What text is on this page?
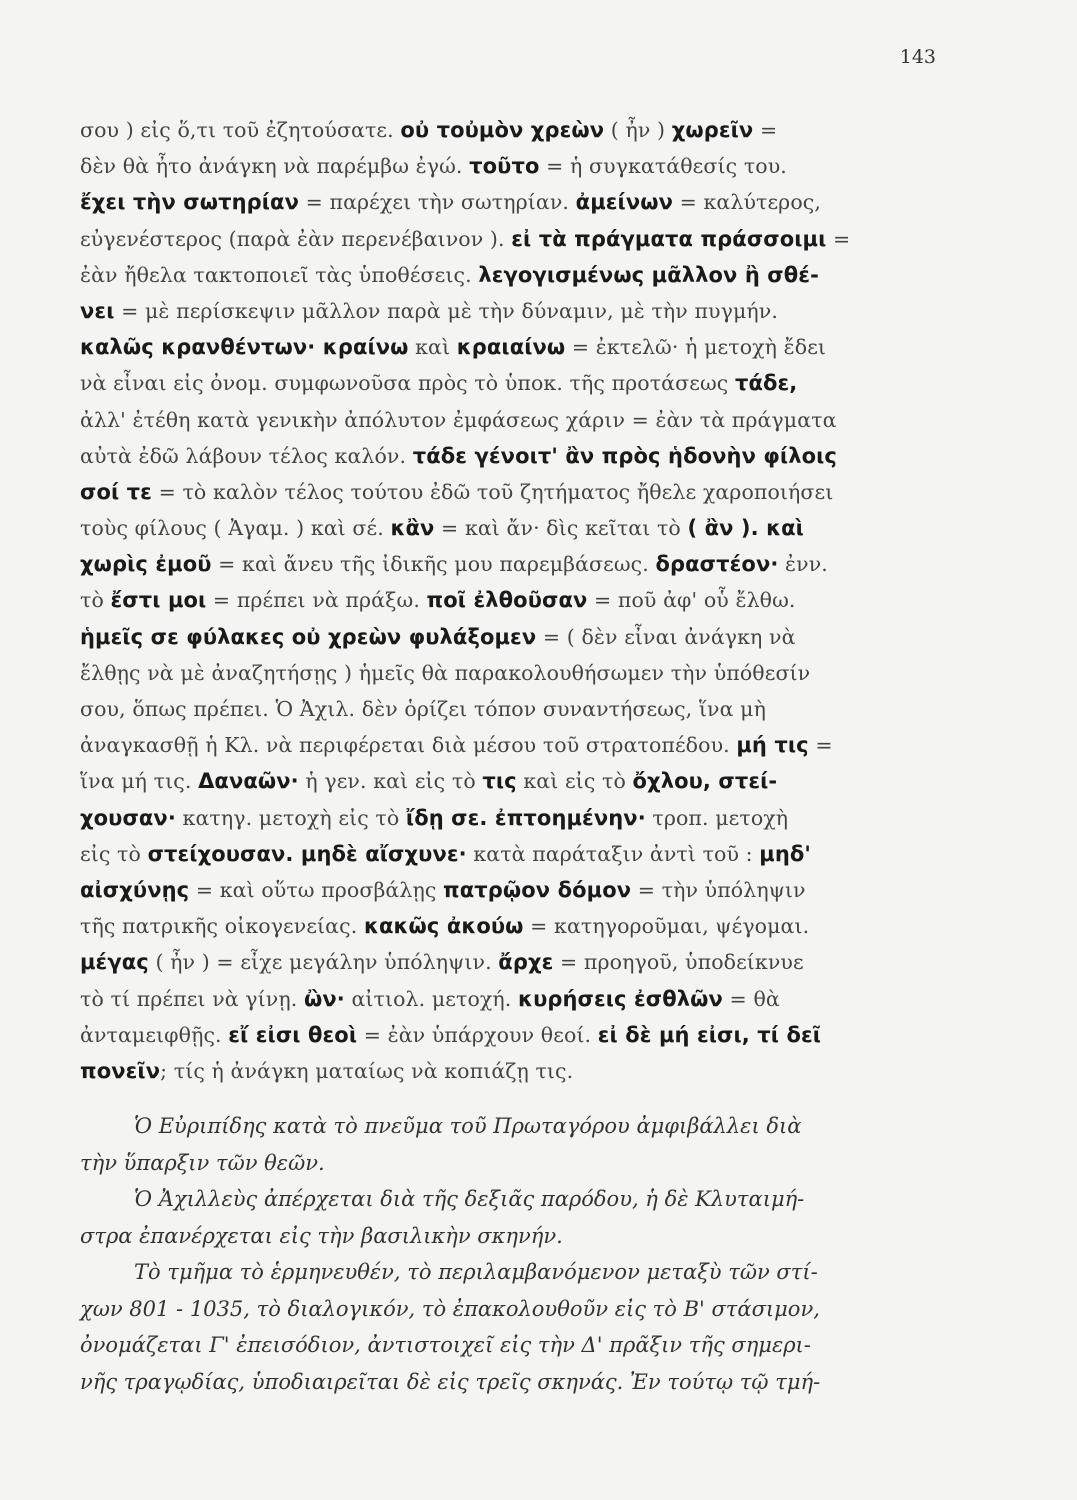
143
σου ) εἰς ὅ,τι τοῦ ἐζητούσατε. οὐ τοὐμὸν χρεὼν ( ἦν ) χωρεῖν =
δὲν θὰ ἦτο ἀνάγκη νὰ παρέμβω ἐγώ. τοῦτο = ἡ συγκατάθεσίς του.
ἔχει τὴν σωτηρίαν = παρέχει τὴν σωτηρίαν. ἀμείνων = καλύτερος,
εὐγενέστερος (παρὰ ἐὰν περενέβαινον ). εἰ τὰ πράγματα πράσσοιμι =
ἐὰν ἤθελα τακτοποιεῖ τὰς ὑποθέσεις. λεγογισμένως μᾶλλον ἢ σθέ-
νει = μὲ περίσκεψιν μᾶλλον παρὰ μὲ τὴν δύναμιν, μὲ τὴν πυγμήν.
καλῶς κρανθέντων· κραίνω καὶ κραιαίνω = ἐκτελῶ· ἡ μετοχὴ ἔδει
νὰ εἶναι εἰς ὀνομ. συμφωνοῦσα πρὸς τὸ ὑποκ. τῆς προτάσεως τάδε,
ἀλλ' ἐτέθη κατὰ γενικὴν ἀπόλυτον ἐμφάσεως χάριν = ἐὰν τὰ πράγματα
αὐτὰ ἐδῶ λάβουν τέλος καλόν. τάδε γένοιτ' ἂν πρὸς ἡδονὴν φίλοις
σοί τε = τὸ καλὸν τέλος τούτου ἐδῶ τοῦ ζητήματος ἤθελε χαροποιήσει
τοὺς φίλους ( Ἀγαμ. ) καὶ σέ. κἂν = καὶ ἄν· δὶς κεῖται τὸ ( ἂν ). καὶ
χωρὶς ἐμοῦ = καὶ ἄνευ τῆς ἰδικῆς μου παρεμβάσεως. δραστέον· ἐνν.
τὸ ἔστι μοι = πρέπει νὰ πράξω. ποῖ ἐλθοῦσαν = ποῦ ἀφ' οὗ ἔλθω.
ἡμεῖς σε φύλακες οὐ χρεὼν φυλάξομεν = ( δὲν εἶναι ἀνάγκη νὰ
ἔλθῃς νὰ μὲ ἀναζητήσῃς ) ἡμεῖς θὰ παρακολουθήσωμεν τὴν ὑπόθεσίν
σου, ὅπως πρέπει. Ὁ Ἀχιλ. δὲν ὁρίζει τόπον συναντήσεως, ἵνα μὴ
ἀναγκασθῇ ἡ Κλ. νὰ περιφέρεται διὰ μέσου τοῦ στρατοπέδου. μή τις =
ἵνα μή τις. Δαναῶν· ἡ γεν. καὶ εἰς τὸ τις καὶ εἰς τὸ ὄχλου, στεί-
χουσαν· κατηγ. μετοχὴ εἰς τὸ ἴδῃ σε. ἐπτοημένην· τροπ. μετοχὴ
εἰς τὸ στείχουσαν. μηδὲ αἴσχυνε· κατὰ παράταξιν ἀντὶ τοῦ : μηδ'
αἰσχύνῃς = καὶ οὕτω προσβάλῃς πατρῷον δόμον = τὴν ὑπόληψιν
τῆς πατρικῆς οἰκογενείας. κακῶς ἀκούω = κατηγοροῦμαι, ψέγομαι.
μέγας ( ἦν ) = εἶχε μεγάλην ὑπόληψιν. ἄρχε = προηγοῦ, ὑποδείκνυε
τὸ τί πρέπει νὰ γίνῃ. ὢν· αἰτιολ. μετοχή. κυρήσεις ἐσθλῶν = θὰ
ἀνταμειφθῇς. εἴ εἰσι θεοὶ = ἐὰν ὑπάρχουν θεοί. εἰ δὲ μή εἰσι, τί δεῖ
πονεῖν; τίς ἡ ἀνάγκη ματαίως νὰ κοπιάζῃ τις.
Ὁ Εὐριπίδης κατὰ τὸ πνεῦμα τοῦ Πρωταγόρου ἀμφιβάλλει διὰ
τὴν ὕπαρξιν τῶν θεῶν.
Ὁ Ἀχιλλεὺς ἀπέρχεται διὰ τῆς δεξιᾶς παρόδου, ἡ δὲ Κλυταιμή-
στρα ἐπανέρχεται εἰς τὴν βασιλικὴν σκηνήν.
Τὸ τμῆμα τὸ ἑρμηνευθέν, τὸ περιλαμβανόμενον μεταξὺ τῶν στί-
χων 801 - 1035, τὸ διαλογικόν, τὸ ἐπακολουθοῦν εἰς τὸ Β' στάσιμον,
ὀνομάζεται Γ' ἐπεισόδιον, ἀντιστοιχεῖ εἰς τὴν Δ' πρᾶξιν τῆς σημερι-
νῆς τραγῳδίας, ὑποδιαιρεῖται δὲ εἰς τρεῖς σκηνάς. Ἐν τούτῳ τῷ τμή-
